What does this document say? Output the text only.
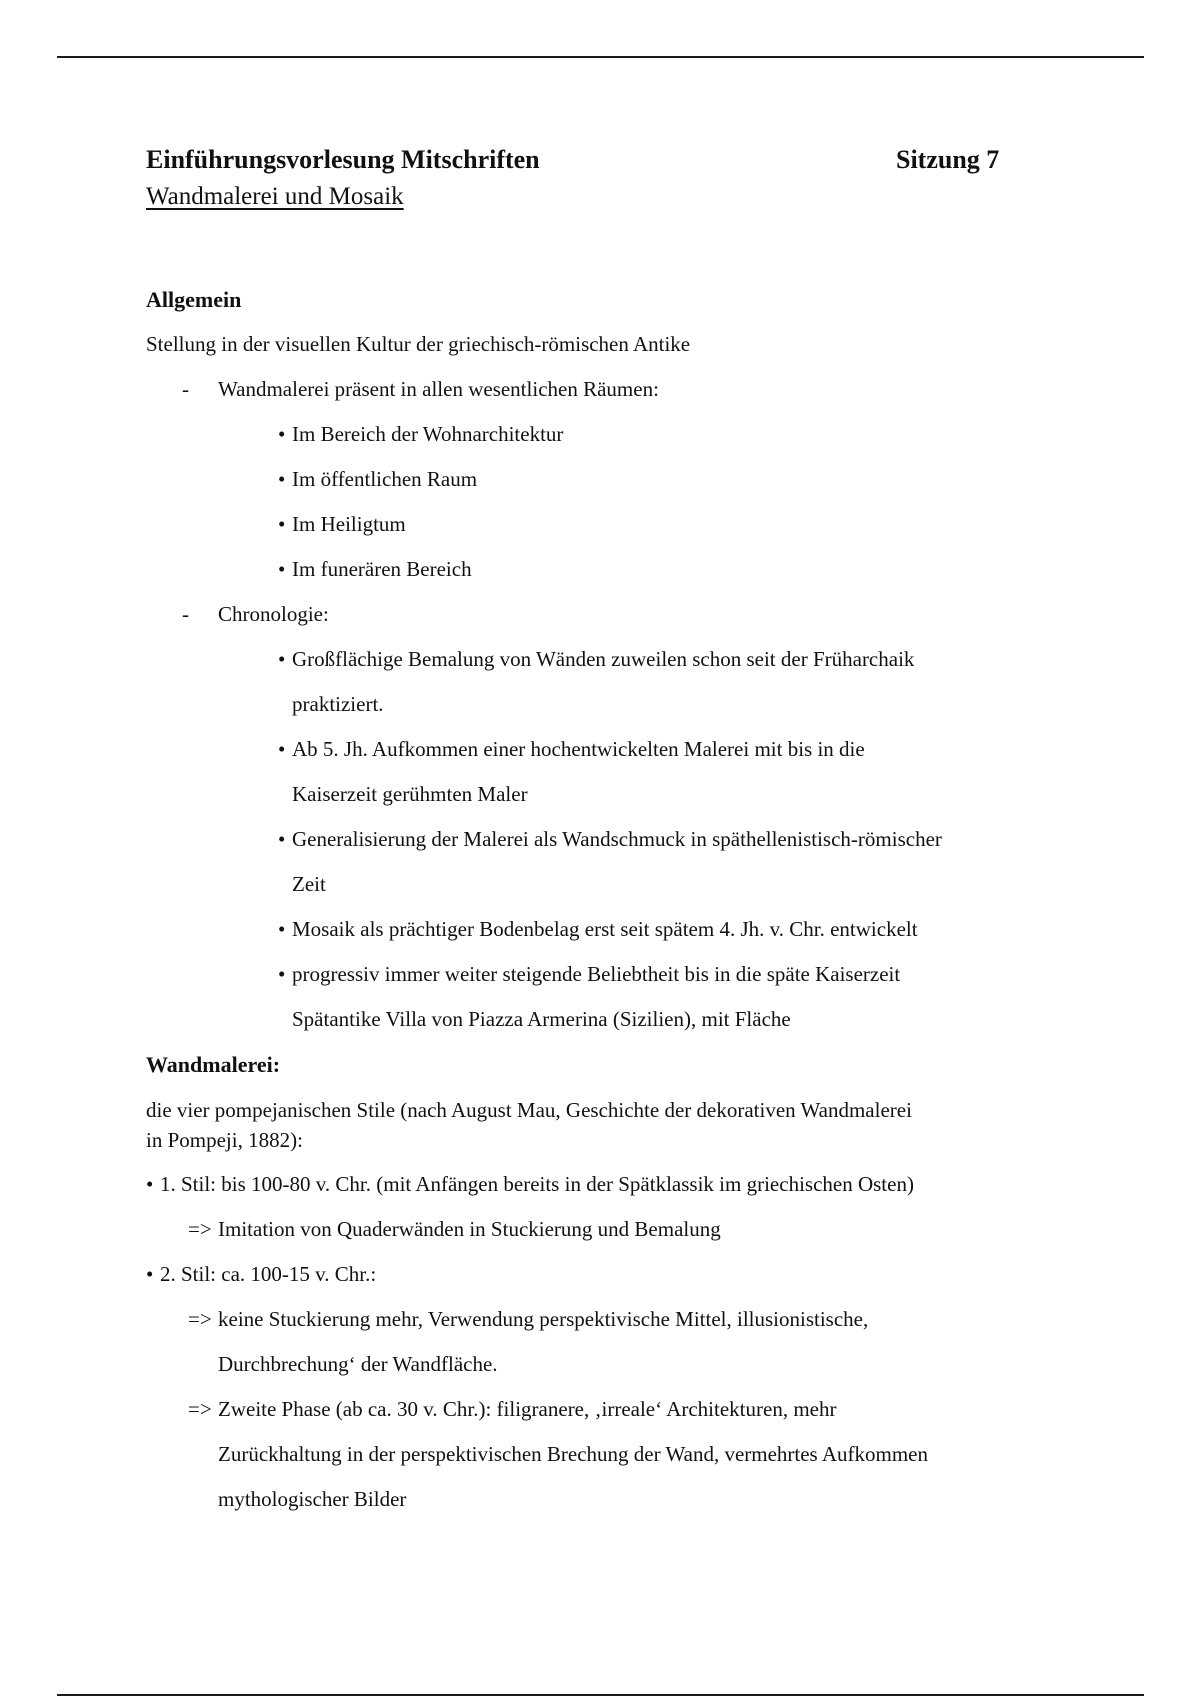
Einführungsvorlesung Mitschriften	Sitzung 7
Wandmalerei und Mosaik
Allgemein
Stellung in der visuellen Kultur der griechisch-römischen Antike
- Wandmalerei präsent in allen wesentlichen Räumen:
• Im Bereich der Wohnarchitektur
• Im öffentlichen Raum
• Im Heiligtum
• Im funerären Bereich
- Chronologie:
• Großflächige Bemalung von Wänden zuweilen schon seit der Früharchaik
praktiziert.
• Ab 5. Jh. Aufkommen einer hochentwickelten Malerei mit bis in die
Kaiserzeit gerühmten Maler
• Generalisierung der Malerei als Wandschmuck in späthellenistisch-römischer
Zeit
• Mosaik als prächtiger Bodenbelag erst seit spätem 4. Jh. v. Chr. entwickelt
• progressiv immer weiter steigende Beliebtheit bis in die späte Kaiserzeit
Spätantike Villa von Piazza Armerina (Sizilien), mit Fläche
Wandmalerei:
die vier pompejanischen Stile (nach August Mau, Geschichte der dekorativen Wandmalerei
in Pompeji, 1882):
• 1. Stil: bis 100-80 v. Chr. (mit Anfängen bereits in der Spätklassik im griechischen Osten)
=> Imitation von Quaderwänden in Stuckierung und Bemalung
• 2. Stil: ca. 100-15 v. Chr.:
=> keine Stuckierung mehr, Verwendung perspektivische Mittel, illusionistische,
Durchbrechung‘ der Wandfläche.
=> Zweite Phase (ab ca. 30 v. Chr.): filigranere, ‚irreale‘ Architekturen, mehr
Zurückhaltung in der perspektivischen Brechung der Wand, vermehrtes Aufkommen
mythologischer Bilder
